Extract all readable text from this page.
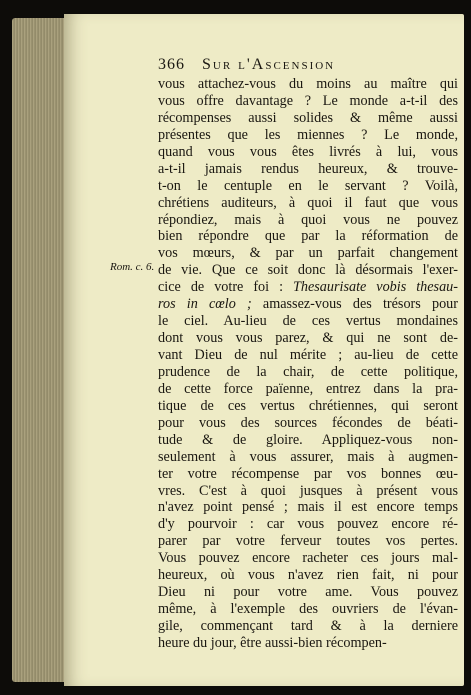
366 Sur l'Ascension
Rom. c. 6.
vous attachez-vous du moins au maître qui
vous offre davantage ? Le monde a-t-il des
récompenses aussi solides & même aussi
présentes que les miennes ? Le monde,
quand vous vous êtes livrés à lui, vous
a-t-il jamais rendus heureux, & trouve-
t-on le centuple en le servant ? Voilà,
chrétiens auditeurs, à quoi il faut que vous
répondiez, mais à quoi vous ne pouvez
bien répondre que par la réformation de
vos mœurs, & par un parfait changement
de vie. Que ce soit donc là désormais l'exer-
cice de votre foi : Thesaurisate vobis thesau-
ros in cœlo ; amassez-vous des trésors pour
le ciel. Au-lieu de ces vertus mondaines
dont vous vous parez, & qui ne sont de-
vant Dieu de nul mérite ; au-lieu de cette
prudence de la chair, de cette politique,
de cette force païenne, entrez dans la pra-
tique de ces vertus chrétiennes, qui seront
pour vous des sources fécondes de béati-
tude & de gloire. Appliquez-vous non-
seulement à vous assurer, mais à augmen-
ter votre récompense par vos bonnes œu-
vres. C'est à quoi jusques à présent vous
n'avez point pensé ; mais il est encore temps
d'y pourvoir : car vous pouvez encore ré-
parer par votre ferveur toutes vos pertes.
Vous pouvez encore racheter ces jours mal-
heureux, où vous n'avez rien fait, ni pour
Dieu ni pour votre ame. Vous pouvez
même, à l'exemple des ouvriers de l'évan-
gile, commençant tard & à la derniere
heure du jour, être aussi-bien récompen-
